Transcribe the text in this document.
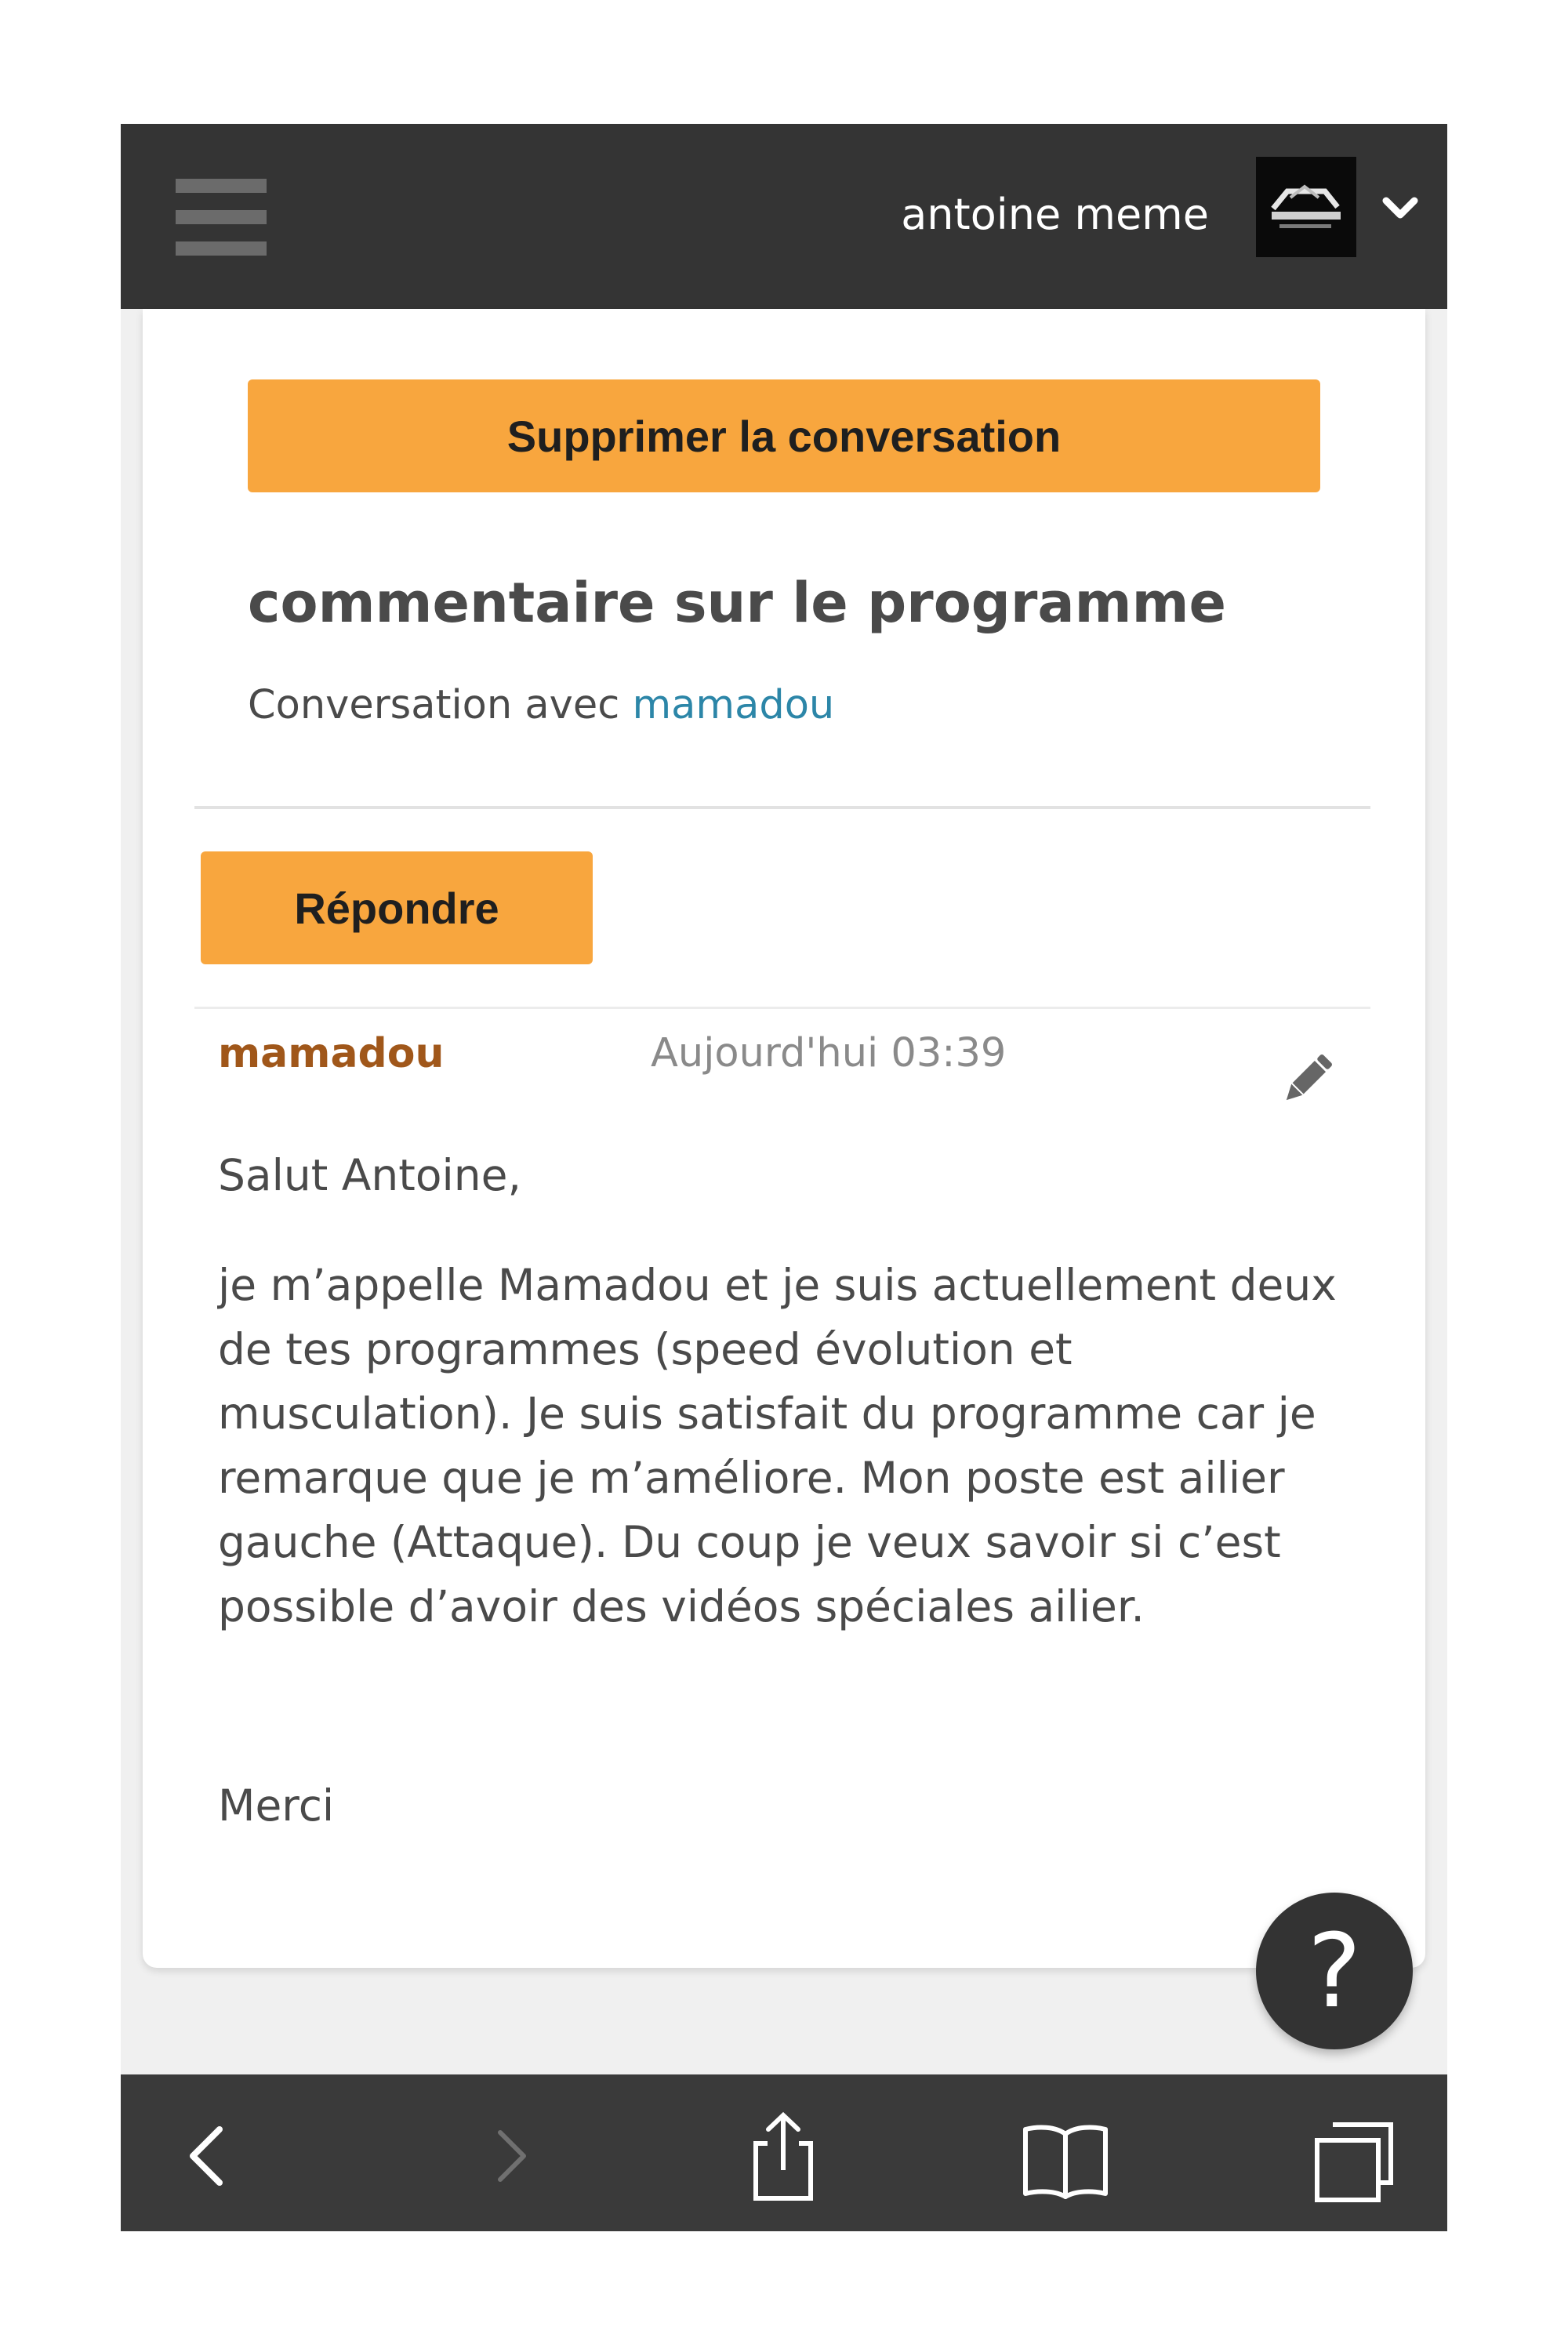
antoine meme
Supprimer la conversation
commentaire sur le programme
Conversation avec mamadou
Répondre
mamadou	Aujourd'hui 03:39
Salut Antoine,
je m’appelle Mamadou et je suis actuellement deux de tes programmes (speed évolution et musculation). Je suis satisfait du programme car je remarque que je m’améliore. Mon poste est ailier gauche (Attaque). Du coup je veux savoir si c’est possible d’avoir des vidéos spéciales ailier.
Merci
?
